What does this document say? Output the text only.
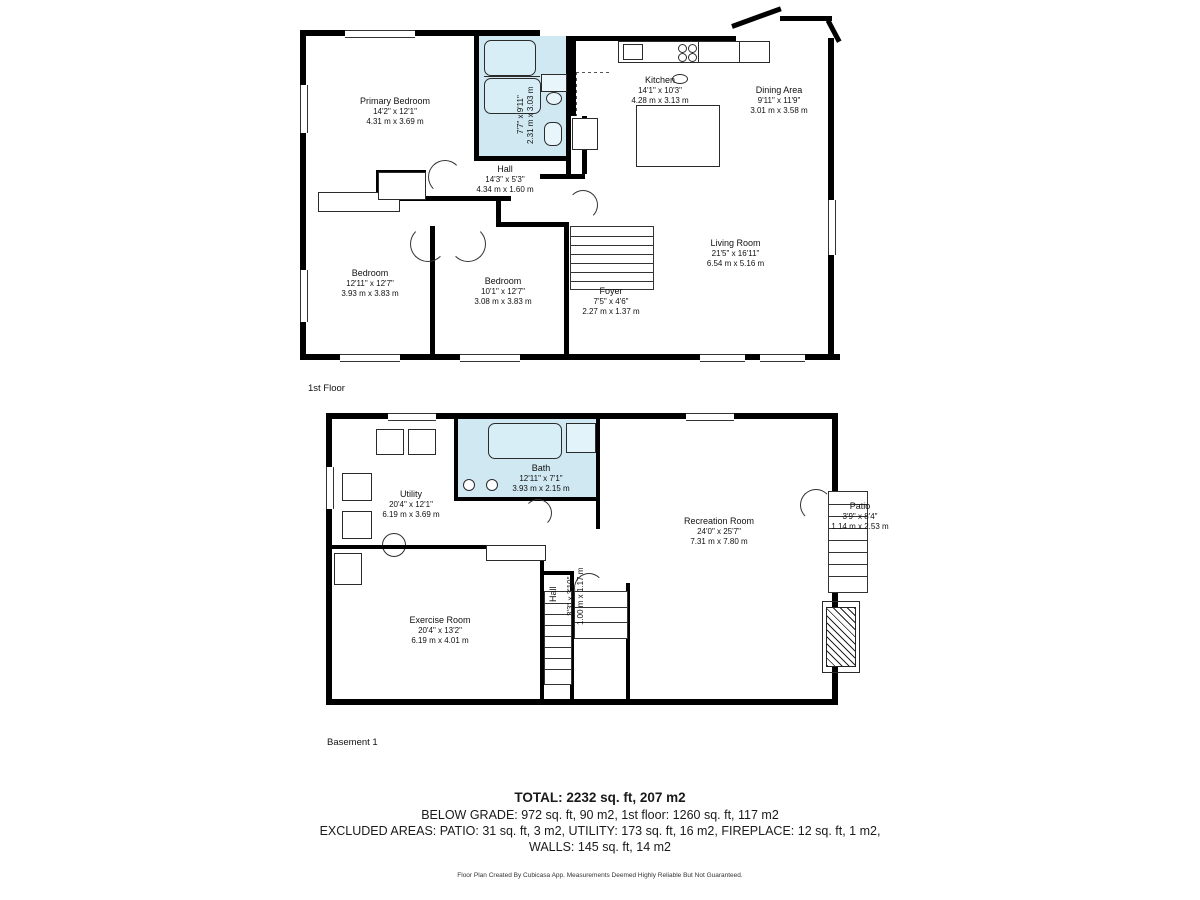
Primary Bedroom
14'2" x 12'1"
4.31 m x 3.69 m	7'7" x 9'11" 2.31 m x 3.03 m
Kitchen
14'1" x 10'3"
4.28 m x 3.13 m
Dining Area
9'11" x 11'9"
3.01 m x 3.58 m
Hall
14'3" x 5'3"
4.34 m x 1.60 m
Living Room
21'5" x 16'11"
6.54 m x 5.16 m
Bedroom
12'11" x 12'7"
3.93 m x 3.83 m
Bedroom
10'1" x 12'7"
3.08 m x 3.83 m
Foyer
7'5" x 4'6"
2.27 m x 1.37 m
1st Floor
Bath
12'11" x 7'1"
3.93 m x 2.15 m
Utility
20'4" x 12'1"
6.19 m x 3.69 m
Recreation Room
24'0" x 25'7"
7.31 m x 7.80 m
Patio
3'9" x 8'4"
1.14 m x 2.53 m
Exercise Room
20'4" x 13'2"
6.19 m x 4.01 m
Hall 3'3" x 3'10" 1.00 m x 1.17 m
Basement 1
TOTAL: 2232 sq. ft, 207 m2
BELOW GRADE: 972 sq. ft, 90 m2, 1st floor: 1260 sq. ft, 117 m2
EXCLUDED AREAS: PATIO: 31 sq. ft, 3 m2, UTILITY: 173 sq. ft, 16 m2, FIREPLACE: 12 sq. ft, 1 m2,
WALLS: 145 sq. ft, 14 m2
Floor Plan Created By Cubicasa App. Measurements Deemed Highly Reliable But Not Guaranteed.
